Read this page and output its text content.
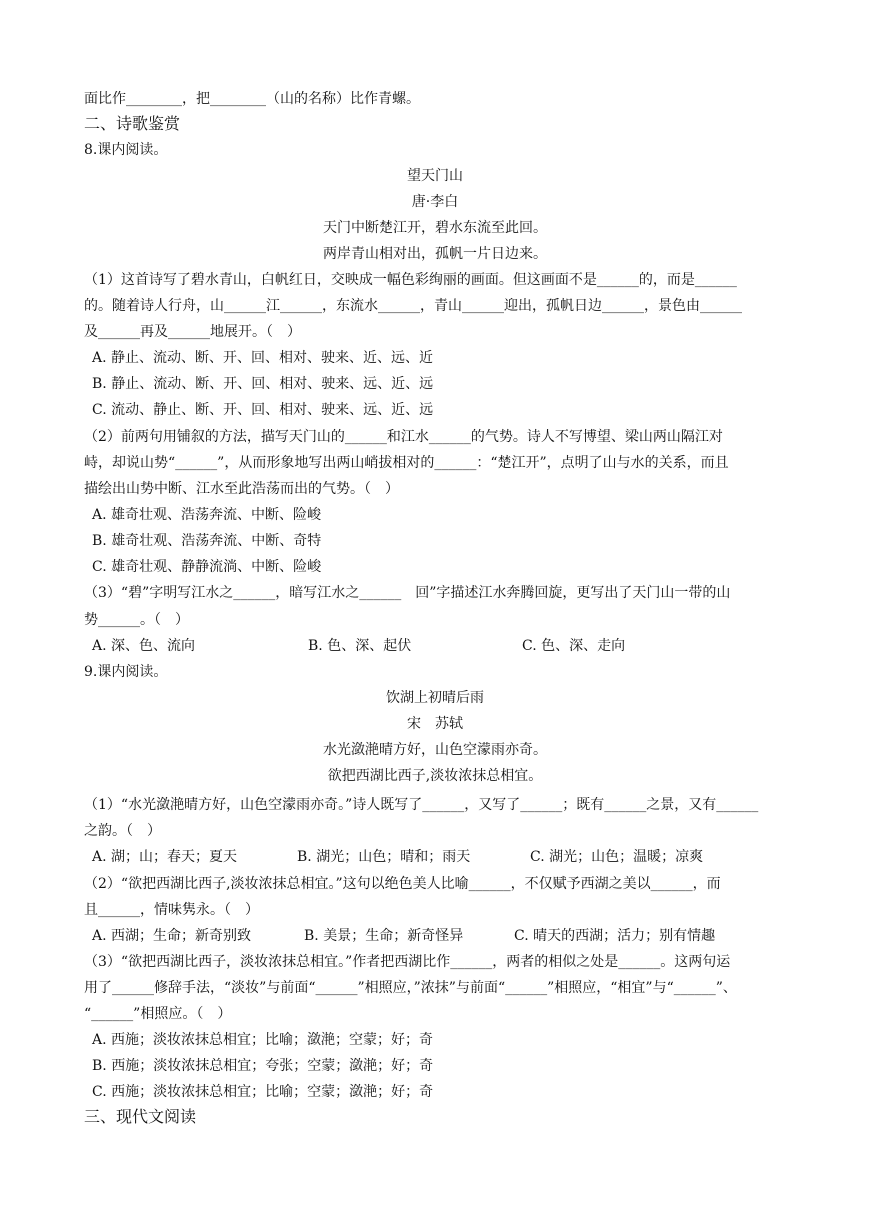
面比作________，把________（山的名称）比作青螺。
二、诗歌鉴赏
8.课内阅读。
望天门山
唐·李白
天门中断楚江开，碧水东流至此回。
两岸青山相对出，孤帆一片日边来。
（1）这首诗写了碧水青山，白帆红日，交映成一幅色彩绚丽的画面。但这画面不是______的，而是______
的。随着诗人行舟，山______江______，东流水______，青山______迎出，孤帆日边______，景色由______
及______再及______地展开。（　）
A. 静止、流动、断、开、回、相对、驶来、近、远、近
B. 静止、流动、断、开、回、相对、驶来、远、近、远
C. 流动、静止、断、开、回、相对、驶来、远、近、远
（2）前两句用铺叙的方法，描写天门山的______和江水______的气势。诗人不写博望、梁山两山隔江对
峙，却说山势“______”，从而形象地写出两山峭拔相对的______：“楚江开”，点明了山与水的关系，而且
描绘出山势中断、江水至此浩荡而出的气势。（　）
A. 雄奇壮观、浩荡奔流、中断、险峻
B. 雄奇壮观、浩荡奔流、中断、奇特
C. 雄奇壮观、静静流淌、中断、险峻
（3）“碧”字明写江水之______，暗写江水之______　回”字描述江水奔腾回旋，更写出了天门山一带的山
势______。（　）
A. 深、色、流向	B. 色、深、起伏	C. 色、深、走向
9.课内阅读。
饮湖上初晴后雨
宋　苏轼
水光潋滟晴方好，山色空濛雨亦奇。
欲把西湖比西子,淡妆浓抹总相宜。
（1）“水光潋滟晴方好，山色空濛雨亦奇。”诗人既写了______，又写了______；既有______之景，又有______
之韵。（　）
A. 湖；山；春天；夏天	B. 湖光；山色；晴和；雨天	C. 湖光；山色；温暖；凉爽
（2）“欲把西湖比西子,淡妆浓抹总相宜。”这句以绝色美人比喻______，不仅赋予西湖之美以______，而
且______，情味隽永。（　）
A. 西湖；生命；新奇别致	B. 美景；生命；新奇怪异	C. 晴天的西湖；活力；别有情趣
（3）“欲把西湖比西子，淡妆浓抹总相宜。”作者把西湖比作______，两者的相似之处是______。这两句运
用了______修辞手法，“淡妆”与前面“______”相照应，”浓抹”与前面“______”相照应，“相宜”与“______”、
“______”相照应。（　）
A. 西施；淡妆浓抹总相宜；比喻；潋滟；空蒙；好；奇
B. 西施；淡妆浓抹总相宜；夸张；空蒙；潋滟；好；奇
C. 西施；淡妆浓抹总相宜；比喻；空蒙；潋滟；好；奇
三、现代文阅读
